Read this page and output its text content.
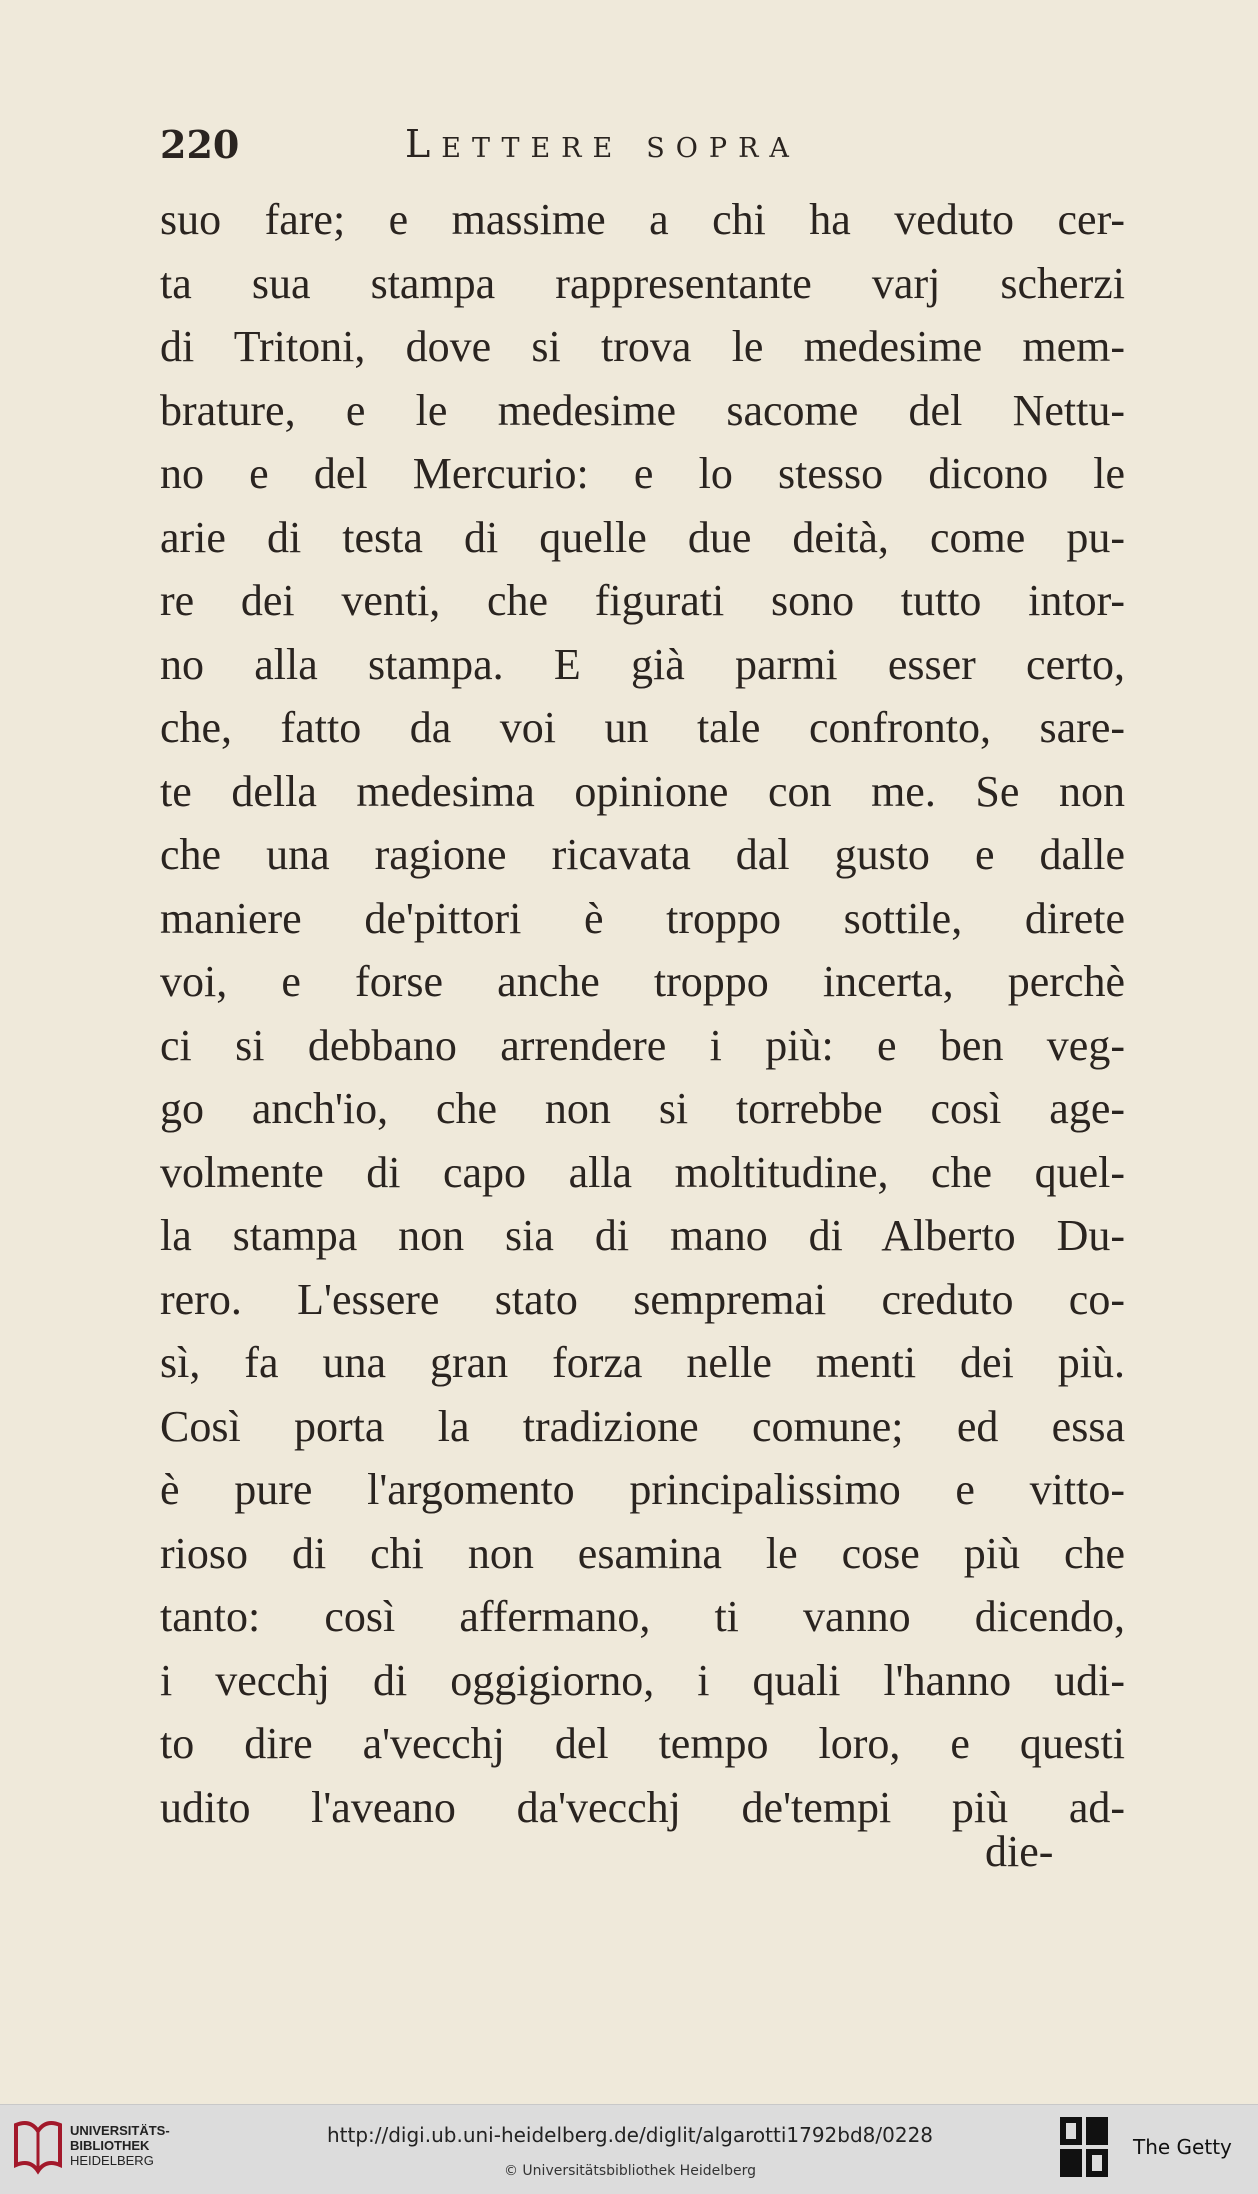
220	Lettere sopra
suo fare; e massime a chi ha veduto cer-
ta sua stampa rappresentante varj scherzi
di Tritoni, dove si trova le medesime mem-
brature, e le medesime sacome del Nettu-
no e del Mercurio: e lo stesso dicono le
arie di testa di quelle due deità, come pu-
re dei venti, che figurati sono tutto intor-
no alla stampa. E già parmi esser certo,
che, fatto da voi un tale confronto, sare-
te della medesima opinione con me. Se non
che una ragione ricavata dal gusto e dalle
maniere de'pittori è troppo sottile, direte
voi, e forse anche troppo incerta, perchè
ci si debbano arrendere i più: e ben veg-
go anch'io, che non si torrebbe così age-
volmente di capo alla moltitudine, che quel-
la stampa non sia di mano di Alberto Du-
rero. L'essere stato sempremai creduto co-
sì, fa una gran forza nelle menti dei più.
Così porta la tradizione comune; ed essa
è pure l'argomento principalissimo e vitto-
rioso di chi non esamina le cose più che
tanto: così affermano, ti vanno dicendo,
i vecchj di oggigiorno, i quali l'hanno udi-
to dire a'vecchj del tempo loro, e questi
udito l'aveano da'vecchj de'tempi più ad-
die-
UNIVERSITÄTS-
BIBLIOTHEK
HEIDELBERG
http://digi.ub.uni-heidelberg.de/diglit/algarotti1792bd8/0228
© Universitätsbibliothek Heidelberg
The Getty
